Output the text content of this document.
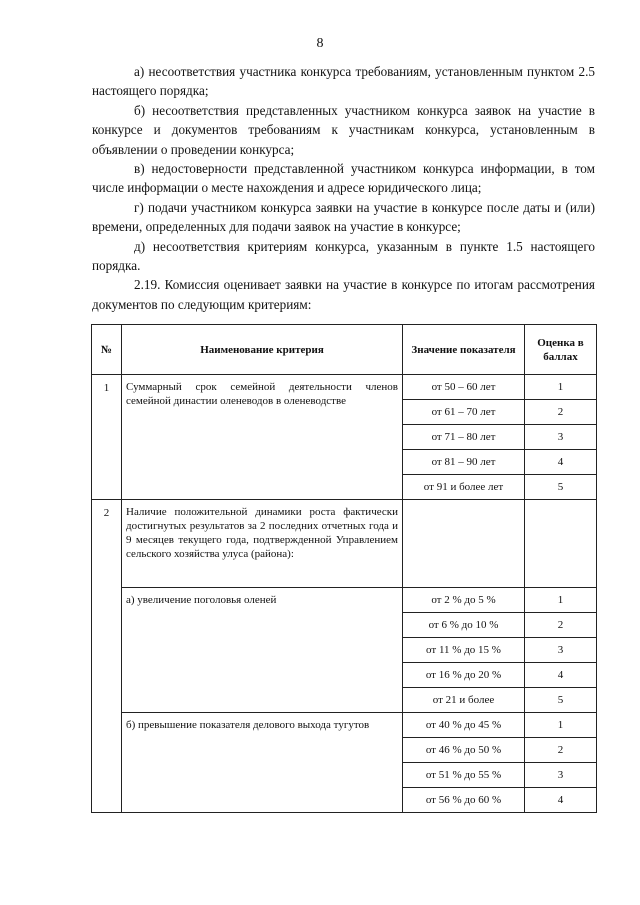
8

а) несоответствия участника конкурса требованиям, установленным пунктом 2.5 настоящего порядка;

б) несоответствия представленных участником конкурса заявок на участие в конкурсе и документов требованиям к участникам конкурса, установленным в объявлении о проведении конкурса;

в) недостоверности представленной участником конкурса информации, в том числе информации о месте нахождения и адресе юридического лица;

г) подачи участником конкурса заявки на участие в конкурсе после даты и (или) времени, определенных для подачи заявок на участие в конкурсе;

д) несоответствия критериям конкурса, указанным в пункте 1.5 настоящего порядка.

2.19. Комиссия оценивает заявки на участие в конкурсе по итогам рассмотрения документов по следующим критериям:

№	Наименование критерия	Значение показателя	Оценка в баллах
1	Суммарный срок семейной деятельности членов семейной династии оленеводов в оленеводстве	от 50 – 60 лет	1
		от 61 – 70 лет	2
		от 71 – 80 лет	3
		от 81 – 90 лет	4
		от 91 и более лет	5
2	Наличие положительной динамики роста фактически достигнутых результатов за 2 последних отчетных года и 9 месяцев текущего года, подтвержденной Управлением сельского хозяйства улуса (района):		
	а) увеличение поголовья оленей	от 2 % до 5 %	1
		от 6 % до 10 %	2
		от 11 % до 15 %	3
		от 16 % до 20 %	4
		от 21 и более	5
	б) превышение показателя делового выхода тугутов	от 40 % до 45 %	1
		от 46 % до 50 %	2
		от 51 % до 55 %	3
		от 56 % до 60 %	4
